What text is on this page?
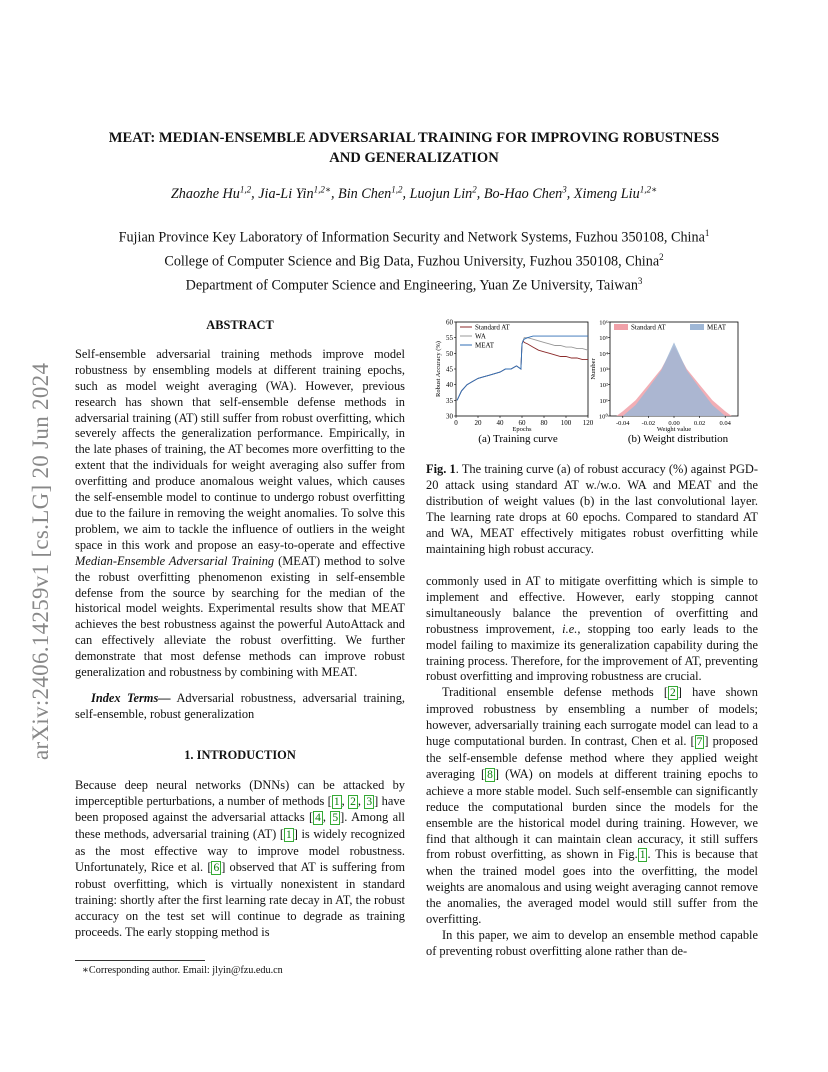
arXiv:2406.14259v1 [cs.LG] 20 Jun 2024
MEAT: MEDIAN-ENSEMBLE ADVERSARIAL TRAINING FOR IMPROVING ROBUSTNESS
AND GENERALIZATION
Zhaozhe Hu$^{1,2}$, Jia-Li Yin$^{1,2∗}$, Bin Chen$^{1,2}$, Luojun Lin$^2$, Bo-Hao Chen$^3$, Ximeng Liu$^{1,2∗}$
Fujian Province Key Laboratory of Information Security and Network Systems, Fuzhou 350108, China$^1$
College of Computer Science and Big Data, Fuzhou University, Fuzhou 350108, China$^2$
Department of Computer Science and Engineering, Yuan Ze University, Taiwan$^3$
ABSTRACT

Self-ensemble adversarial training methods improve model robustness by ensembling models at different training epochs, such as model weight averaging (WA). However, previous research has shown that self-ensemble defense methods in adversarial training (AT) still suffer from robust overfitting, which severely affects the generalization performance. Empirically, in the late phases of training, the AT becomes more overfitting to the extent that the individuals for weight averaging also suffer from overfitting and produce anomalous weight values, which causes the self-ensemble model to continue to undergo robust overfitting due to the failure in removing the weight anomalies. To solve this problem, we aim to tackle the influence of outliers in the weight space in this work and propose an easy-to-operate and effective Median-Ensemble Adversarial Training (MEAT) method to solve the robust overfitting phenomenon existing in self-ensemble defense from the source by searching for the median of the historical model weights. Experimental results show that MEAT achieves the best robustness against the powerful AutoAttack and can effectively alleviate the robust overfitting. We further demonstrate that most defense methods can improve robust generalization and robustness by combining with MEAT.

Index Terms— Adversarial robustness, adversarial training, self-ensemble, robust generalization

1. INTRODUCTION

Because deep neural networks (DNNs) can be attacked by imperceptible perturbations, a number of methods [ 1 , 2 , 3 ] have been proposed against the adversarial attacks [ 4 , 5 ]. Among all these methods, adversarial training (AT) [ 1 ] is widely recognized as the most effective way to improve model robustness. Unfortunately, Rice et al. [ 6 ] observed that AT is suffering from robust overfitting, which is virtually nonexistent in standard training: shortly after the first learning rate decay in AT, the robust accuracy on the test set will continue to degrade as training proceeds. The early stopping method is

∗Corresponding author. Email: jlyin@fzu.edu.cn
0 20 40 60 80 100 120
30
35
40
45
50
55
60
Epochs
Robust Accuracy (%)
Standard AT
WA
MEAT
(a) Training curve
-0.04 -0.02 0.00 0.02 0.04
10⁰
10¹
10²
10³
10⁴
10⁵
10⁶
Weight value
Number
Standard AT	MEAT
(b) Weight distribution

Fig. 1. The training curve (a) of robust accuracy (%) against PGD-20 attack using standard AT w./w.o. WA and MEAT and the distribution of weight values (b) in the last convolutional layer. The learning rate drops at 60 epochs. Compared to standard AT and WA, MEAT effectively mitigates robust overfitting while maintaining high robust accuracy.

commonly used in AT to mitigate overfitting which is simple to implement and effective. However, early stopping cannot simultaneously balance the prevention of overfitting and robustness improvement, i.e., stopping too early leads to the model failing to maximize its generalization capability during the training process. Therefore, for the improvement of AT, preventing robust overfitting and improving robustness are crucial.

Traditional ensemble defense methods [ 2 ] have shown improved robustness by ensembling a number of models; however, adversarially training each surrogate model can lead to a huge computational burden. In contrast, Chen et al. [ 7 ] proposed the self-ensemble defense method where they applied weight averaging [ 8 ] (WA) on models at different training epochs to achieve a more stable model. Such self-ensemble can significantly reduce the computational burden since the models for the ensemble are the historical model during training. However, we find that although it can maintain clean accuracy, it still suffers from robust overfitting, as shown in Fig. 1 . This is because that when the trained model goes into the overfitting, the model weights are anomalous and using weight averaging cannot remove the anomalies, the averaged model would still suffer from the overfitting.

In this paper, we aim to develop an ensemble method capable of preventing robust overfitting alone rather than de-
